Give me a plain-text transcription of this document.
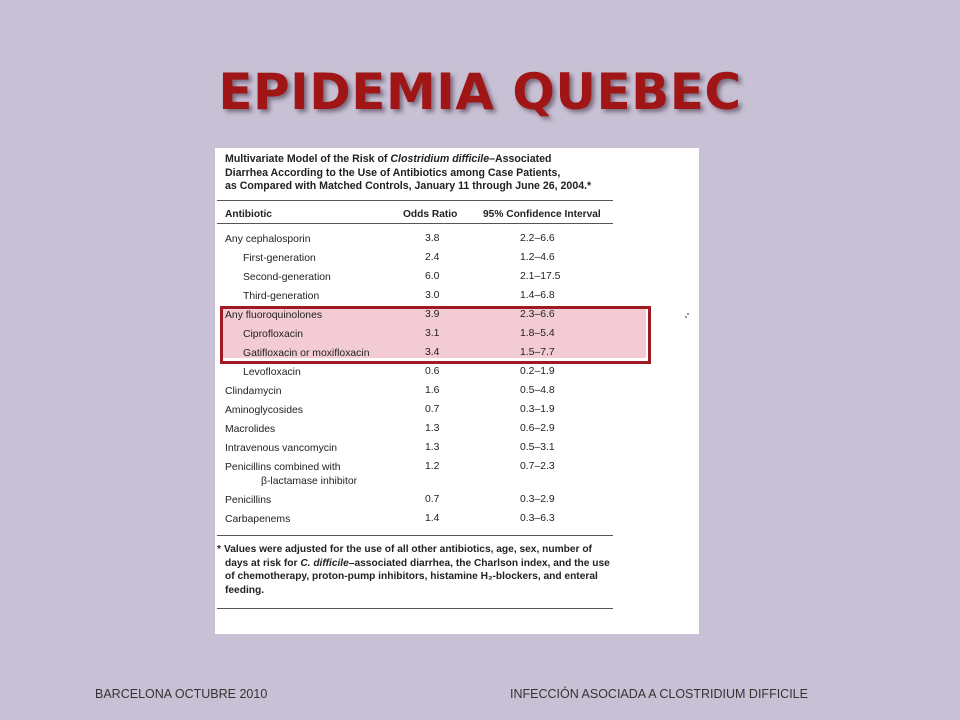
EPIDEMIA QUEBEC
Multivariate Model of the Risk of Clostridium difficile–Associated
Diarrhea According to the Use of Antibiotics among Case Patients,
as Compared with Matched Controls, January 11 through June 26, 2004.*
Antibiotic	Odds Ratio	95% Confidence Interval
Any cephalosporin	3.8	2.2–6.6
First-generation	2.4	1.2–4.6
Second-generation	6.0	2.1–17.5
Third-generation	3.0	1.4–6.8
Any fluoroquinolones	3.9	2.3–6.6
Ciprofloxacin	3.1	1.8–5.4
Gatifloxacin or moxifloxacin	3.4	1.5–7.7
Levofloxacin	0.6	0.2–1.9
Clindamycin	1.6	0.5–4.8
Aminoglycosides	0.7	0.3–1.9
Macrolides	1.3	0.6–2.9
Intravenous vancomycin	1.3	0.5–3.1
Penicillins combined with	1.2	0.7–2.3
β-lactamase inhibitor
Penicillins	0.7	0.3–2.9
Carbapenems	1.4	0.3–6.3
* Values were adjusted for the use of all other antibiotics, age, sex, number of
days at risk for C. difficile–associated diarrhea, the Charlson index, and the use
of chemotherapy, proton-pump inhibitors, histamine H₂-blockers, and enteral
feeding.
BARCELONA OCTUBRE 2010	INFECCIÓN ASOCIADA A CLOSTRIDIUM DIFFICILE
